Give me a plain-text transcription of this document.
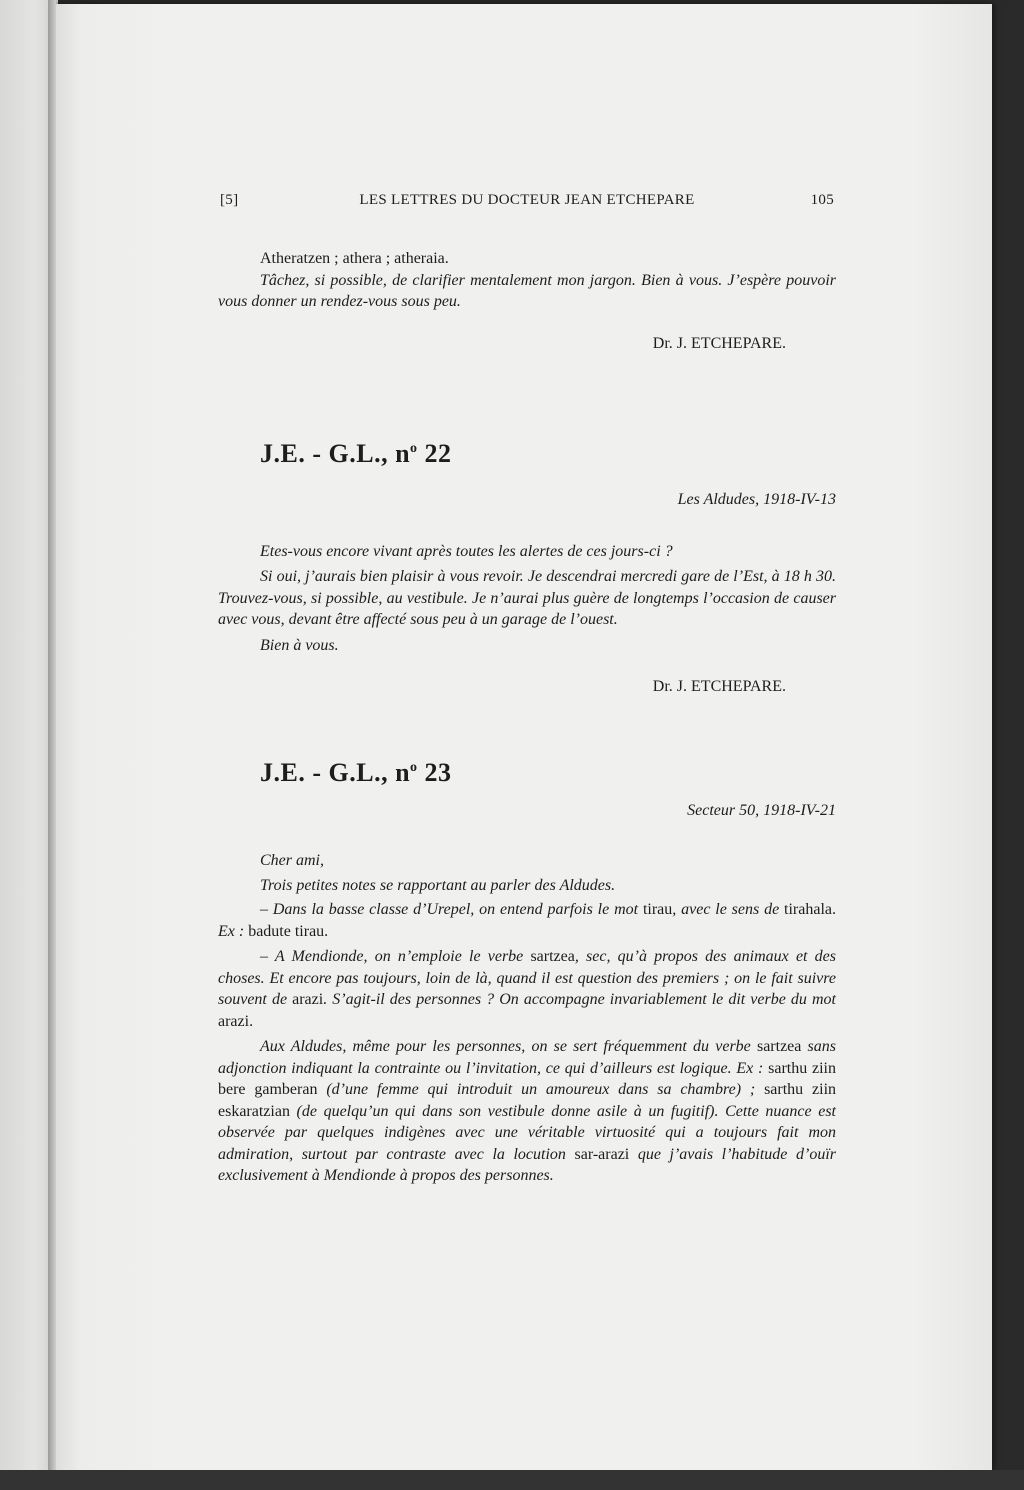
[5]	LES LETTRES DU DOCTEUR JEAN ETCHEPARE	105

Atheratzen ; athera ; atheraia.

Tâchez, si possible, de clarifier mentalement mon jargon. Bien à vous. J’espère pouvoir vous donner un rendez-vous sous peu.

Dr. J. ETCHEPARE.
J.E. - G.L., $n^o$ 22
Les Aldudes, 1918-IV-13

Etes-vous encore vivant après toutes les alertes de ces jours-ci ?

Si oui, j’aurais bien plaisir à vous revoir. Je descendrai mercredi gare de l’Est, à 18 h 30. Trouvez-vous, si possible, au vestibule. Je n’aurai plus guère de longtemps l’occasion de causer avec vous, devant être affecté sous peu à un garage de l’ouest.

Bien à vous.

Dr. J. ETCHEPARE.
J.E. - G.L., $n^o$ 23
Secteur 50, 1918-IV-21

Cher ami,

Trois petites notes se rapportant au parler des Aldudes.

– Dans la basse classe d’Urepel, on entend parfois le mot tirau, avec le sens de tirahala. Ex : badute tirau.

– A Mendionde, on n’emploie le verbe sartzea, sec, qu’à propos des animaux et des choses. Et encore pas toujours, loin de là, quand il est question des premiers ; on le fait suivre souvent de arazi. S’agit-il des personnes ? On accompagne invariablement le dit verbe du mot arazi.

Aux Aldudes, même pour les personnes, on se sert fréquemment du verbe sartzea sans adjonction indiquant la contrainte ou l’invitation, ce qui d’ailleurs est logique. Ex : sarthu ziin bere gamberan (d’une femme qui introduit un amoureux dans sa chambre) ; sarthu ziin eskaratzian (de quelqu’un qui dans son vestibule donne asile à un fugitif). Cette nuance est observée par quelques indigènes avec une véritable virtuosité qui a toujours fait mon admiration, surtout par contraste avec la locution sar-arazi que j’avais l’habitude d’ouïr exclusivement à Mendionde à propos des personnes.
